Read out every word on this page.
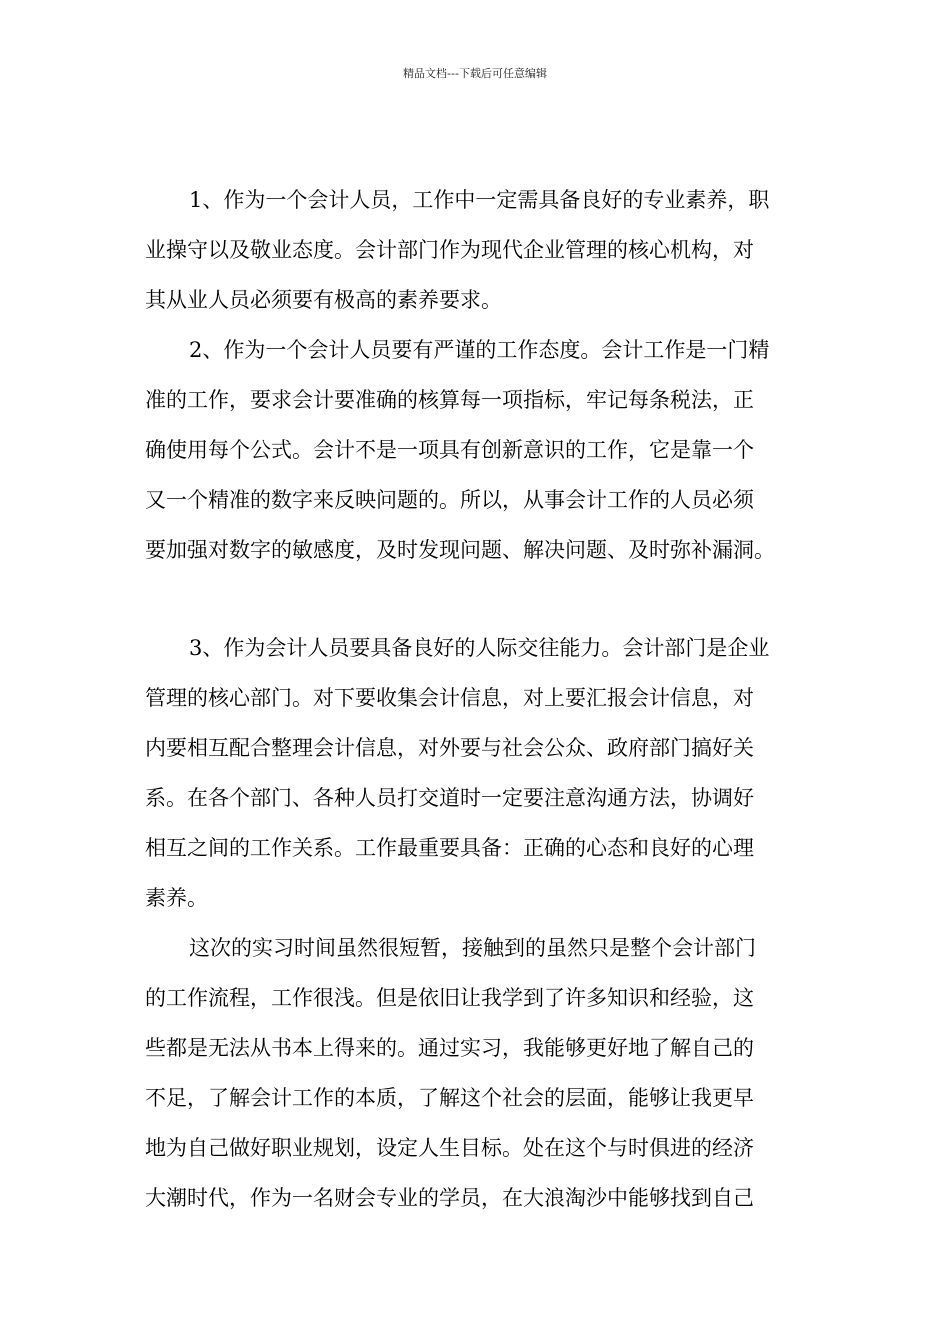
精品文档---下载后可任意编辑
1、作为一个会计人员，工作中一定需具备良好的专业素养，职
业操守以及敬业态度。会计部门作为现代企业管理的核心机构，对
其从业人员必须要有极高的素养要求。
2、作为一个会计人员要有严谨的工作态度。会计工作是一门精
准的工作，要求会计要准确的核算每一项指标，牢记每条税法，正
确使用每个公式。会计不是一项具有创新意识的工作，它是靠一个
又一个精准的数字来反映问题的。所以，从事会计工作的人员必须
要加强对数字的敏感度，及时发现问题、解决问题、及时弥补漏洞。
3、作为会计人员要具备良好的人际交往能力。会计部门是企业
管理的核心部门。对下要收集会计信息，对上要汇报会计信息，对
内要相互配合整理会计信息，对外要与社会公众、政府部门搞好关
系。在各个部门、各种人员打交道时一定要注意沟通方法，协调好
相互之间的工作关系。工作最重要具备：正确的心态和良好的心理
素养。
这次的实习时间虽然很短暂，接触到的虽然只是整个会计部门
的工作流程，工作很浅。但是依旧让我学到了许多知识和经验，这
些都是无法从书本上得来的。通过实习，我能够更好地了解自己的
不足，了解会计工作的本质，了解这个社会的层面，能够让我更早
地为自己做好职业规划，设定人生目标。处在这个与时俱进的经济
大潮时代，作为一名财会专业的学员，在大浪淘沙中能够找到自己
